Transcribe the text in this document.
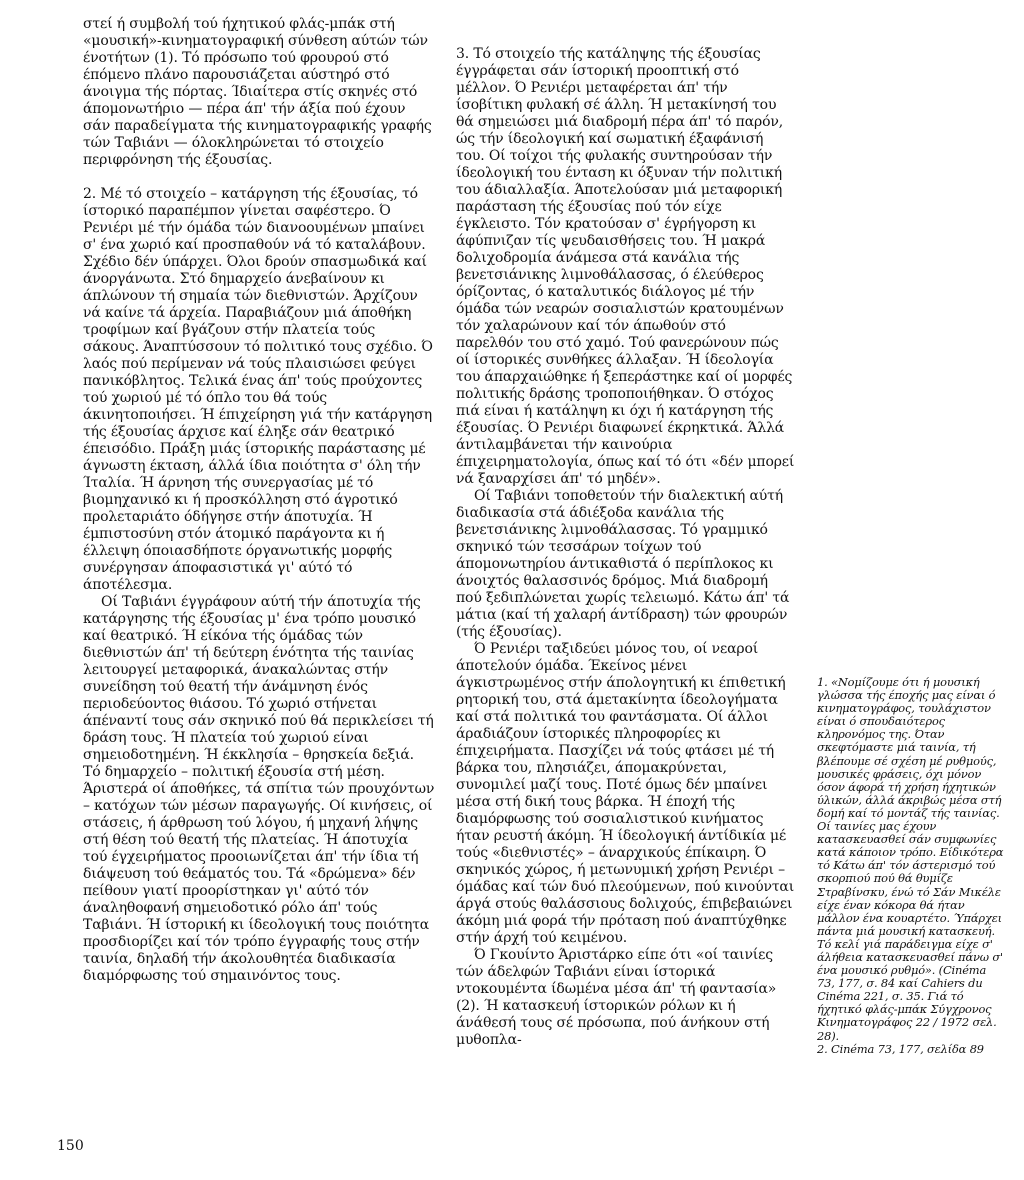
στεί ή συμβολή τού ήχητικού φλάς-μπάκ στή «μουσική»-κινηματογραφική σύνθεση αύτών τών ένοτήτων (1). Τό πρόσωπο τού φρουρού στό έπόμενο πλάνο παρουσιάζεται αύστηρό στό άνοιγμα τής πόρτας. Ίδιαίτερα στίς σκηνές στό άπομονωτήριο — πέρα άπ' τήν άξία πού έχουν σάν παραδείγματα τής κινηματογραφικής γραφής τών Ταβιάνι — όλοκληρώνεται τό στοιχείο περιφρόνηση τής έξουσίας.

2. Μέ τό στοιχείο – κατάργηση τής έξουσίας, τό ίστορικό παραπέμπον γίνεται σαφέστερο. Ό Ρενιέρι μέ τήν όμάδα τών διανοουμένων μπαίνει σ' ένα χωριό καί προσπαθούν νά τό καταλάβουν. Σχέδιο δέν ύπάρχει. Όλοι δρούν σπασμωδικά καί άνοργάνωτα. Στό δημαρχείο άνεβαίνουν κι άπλώνουν τή σημαία τών διεθνιστών. Άρχίζουν νά καίνε τά άρχεία. Παραβιάζουν μιά άποθήκη τροφίμων καί βγάζουν στήν πλατεία τούς σάκους. Άναπτύσσουν τό πολιτικό τους σχέδιο. Ό λαός πού περίμεναν νά τούς πλαισιώσει φεύγει πανικόβλητος. Τελικά ένας άπ' τούς προύχοντες τού χωριού μέ τό όπλο του θά τούς άκινητοποιήσει. Ή έπιχείρηση γιά τήν κατάργηση τής έξουσίας άρχισε καί έληξε σάν θεατρικό έπεισόδιο. Πράξη μιάς ίστορικής παράστασης μέ άγνωστη έκταση, άλλά ίδια ποιότητα σ' όλη τήν Ίταλία. Ή άρνηση τής συνεργασίας μέ τό βιομηχανικό κι ή προσκόλληση στό άγροτικό προλεταριάτο όδήγησε στήν άποτυχία. Ή έμπιστοσύνη στόν άτομικό παράγοντα κι ή έλλειψη όποιασδήποτε όργανωτικής μορφής συνέργησαν άποφασιστικά γι' αύτό τό άποτέλεσμα.

Οί Ταβιάνι έγγράφουν αύτή τήν άποτυχία τής κατάργησης τής έξουσίας μ' ένα τρόπο μουσικό καί θεατρικό. Ή είκόνα τής όμάδας τών διεθνιστών άπ' τή δεύτερη ένότητα τής ταινίας λειτουργεί μεταφορικά, άνακαλώντας στήν συνείδηση τού θεατή τήν άνάμνηση ένός περιοδεύοντος θιάσου. Τό χωριό στήνεται άπέναντί τους σάν σκηνικό πού θά περικλείσει τή δράση τους. Ή πλατεία τού χωριού είναι σημειοδοτημένη. Ή έκκλησία – θρησκεία δεξιά. Τό δημαρχείο – πολιτική έξουσία στή μέση. Άριστερά οί άποθήκες, τά σπίτια τών προυχόντων – κατόχων τών μέσων παραγωγής. Οί κινήσεις, οί στάσεις, ή άρθρωση τού λόγου, ή μηχανή λήψης στή θέση τού θεατή τής πλατείας. Ή άποτυχία τού έγχειρήματος προοιωνίζεται άπ' τήν ίδια τή διάψευση τού θεάματός του. Τά «δρώμενα» δέν πείθουν γιατί προορίστηκαν γι' αύτό τόν άναληθοφανή σημειοδοτικό ρόλο άπ' τούς Ταβιάνι. Ή ίστορική κι ίδεολογική τους ποιότητα προσδιορίζει καί τόν τρόπο έγγραφής τους στήν ταινία, δηλαδή τήν άκολουθητέα διαδικασία διαμόρφωσης τού σημαινόντος τους.

3. Τό στοιχείο τής κατάληψης τής έξουσίας έγγράφεται σάν ίστορική προοπτική στό μέλλον. Ό Ρενιέρι μεταφέρεται άπ' τήν ίσοβίτικη φυλακή σέ άλλη. Ή μετακίνησή του θά σημειώσει μιά διαδρομή πέρα άπ' τό παρόν, ώς τήν ίδεολογική καί σωματική έξαφάνισή του. Οί τοίχοι τής φυλακής συντηρούσαν τήν ίδεολογική του ένταση κι όξυναν τήν πολιτική του άδιαλλαξία. Άποτελούσαν μιά μεταφορική παράσταση τής έξουσίας πού τόν είχε έγκλειστο. Τόν κρατούσαν σ' έγρήγορση κι άφύπνιζαν τίς ψευδαισθήσεις του. Ή μακρά δολιχοδρομία άνάμεσα στά κανάλια τής βενετσιάνικης λιμνοθάλασσας, ό έλεύθερος όρίζοντας, ό καταλυτικός διάλογος μέ τήν όμάδα τών νεαρών σοσιαλιστών κρατουμένων τόν χαλαρώνουν καί τόν άπωθούν στό παρελθόν του στό χαμό. Τού φανερώνουν πώς οί ίστορικές συνθήκες άλλαξαν. Ή ίδεολογία του άπαρχαιώθηκε ή ξεπεράστηκε καί οί μορφές πολιτικής δράσης τροποποιήθηκαν. Ό στόχος πιά είναι ή κατάληψη κι όχι ή κατάργηση τής έξουσίας. Ό Ρενιέρι διαφωνεί έκρηκτικά. Άλλά άντιλαμβάνεται τήν καινούρια έπιχειρηματολογία, όπως καί τό ότι «δέν μπορεί νά ξαναρχίσει άπ' τό μηδέν».

Οί Ταβιάνι τοποθετούν τήν διαλεκτική αύτή διαδικασία στά άδιέξοδα κανάλια τής βενετσιάνικης λιμνοθάλασσας. Τό γραμμικό σκηνικό τών τεσσάρων τοίχων τού άπομονωτηρίου άντικαθιστά ό περίπλοκος κι άνοιχτός θαλασσινός δρόμος. Μιά διαδρομή πού ξεδιπλώνεται χωρίς τελειωμό. Κάτω άπ' τά μάτια (καί τή χαλαρή άντίδραση) τών φρουρών (τής έξουσίας).

Ό Ρενιέρι ταξιδεύει μόνος του, οί νεαροί άποτελούν όμάδα. Έκείνος μένει άγκιστρωμένος στήν άπολογητική κι έπιθετική ρητορική του, στά άμετακίνητα ίδεολογήματα καί στά πολιτικά του φαντάσματα. Οί άλλοι άραδιάζουν ίστορικές πληροφορίες κι έπιχειρήματα. Πασχίζει νά τούς φτάσει μέ τή βάρκα του, πλησιάζει, άπομακρύνεται, συνομιλεί μαζί τους. Ποτέ όμως δέν μπαίνει μέσα στή δική τους βάρκα. Ή έποχή τής διαμόρφωσης τού σοσιαλιστικού κινήματος ήταν ρευστή άκόμη. Ή ίδεολογική άντίδικία μέ τούς «διεθνιστές» – άναρχικούς έπίκαιρη. Ό σκηνικός χώρος, ή μετωνυμική χρήση Ρενιέρι – όμάδας καί τών δυό πλεούμενων, πού κινούνται άργά στούς θαλάσσιους δολιχούς, έπιβεβαιώνει άκόμη μιά φορά τήν πρόταση πού άναπτύχθηκε στήν άρχή τού κειμένου.

Ό Γκουίντο Άριστάρκο είπε ότι «οί ταινίες τών άδελφών Ταβιάνι είναι ίστορικά ντοκουμέντα ίδωμένα μέσα άπ' τή φαντασία» (2). Ή κατασκευή ίστορικών ρόλων κι ή άνάθεσή τους σέ πρόσωπα, πού άνήκουν στή μυθοπλα-

1. «Νομίζουμε ότι ή μουσική γλώσσα τής έποχής μας είναι ό κινηματογράφος, τουλάχιστον είναι ό σπουδαιότερος κληρονόμος της. Όταν σκεφτόμαστε μιά ταινία, τή βλέπουμε σέ σχέση μέ ρυθμούς, μουσικές φράσεις, όχι μόνον όσον άφορά τή χρήση ήχητικών ύλικών, άλλά άκριβώς μέσα στή δομή καί τό μοντάζ τής ταινίας. Οί ταινίες μας έχουν κατασκευασθεί σάν συμφωνίες κατά κάποιον τρόπο. Είδικότερα τό Κάτω άπ' τόν άστερισμό τού σκορπιού πού θά θυμίζε Στραβίνσκυ, ένώ τό Σάν Μικέλε είχε έναν κόκορα θά ήταν μάλλον ένα κουαρτέτο. Ύπάρχει πάντα μιά μουσική κατασκευή. Τό κελί γιά παράδειγμα είχε σ' άλήθεια κατασκευασθεί πάνω σ' ένα μουσικό ρυθμό». (Cinéma 73, 177, σ. 84 καί Cahiers du Cinéma 221, σ. 35. Γιά τό ήχητικό φλάς-μπάκ Σύγχρονος Κινηματογράφος 22 / 1972 σελ. 28).

2. Cinéma 73, 177, σελίδα 89

150
